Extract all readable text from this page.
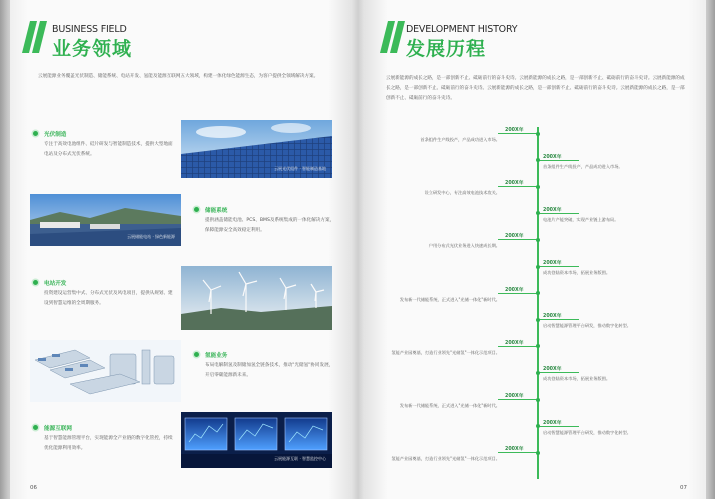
BUSINESS FIELD
业务领域
云展能源业务覆盖光伏制造、储能系统、电站开发、氢能及能源互联网五大领域，构建一体化绿色能源生态，为客户提供全领域解决方案。
光伏制造
专注于高效电池组件、硅片研发与智能制造技术，提供大型地面电站及分布式光伏系统。
云展光伏组件 · 智能制造基地
云展储能电站 · 绿色新能源
储能系统
提供涵盖储能电池、PCS、BMS及系统集成的一体化解决方案，保障能源安全高效稳定利用。
电站开发
投资建设运营集中式、分布式光伏及风电项目，提供从规划、建设到智慧运维的全周期服务。
氢能业务
布局电解制氢及制储加氢全链条技术，推动"光储氢"协同发展，开启零碳能源新未来。
能源互联网
基于智慧能源管理平台，实现能源全产业链的数字化管控，持续优化能源利用效率。
云展能源互联 · 智慧监控中心
06
DEVELOPMENT HISTORY
发展历程
云展新能源的成长之路，是一部创新不止、砥砺前行的奋斗史诗。云展新能源的成长之路，是一部创新不止、砥砺前行的奋斗史诗。云展新能源的成长之路，是一部创新不止、砥砺前行的奋斗史诗。云展新能源的成长之路，是一部创新不止、砥砺前行的奋斗史诗。云展新能源的成长之路，是一部创新不止、砥砺前行的奋斗史诗。
200X年
首条组件生产线投产，产品成功进入市场。
200X年
首条组件生产线投产，产品成功进入市场。
200X年
设立研发中心，专注高效电池技术攻关。
200X年
电池片产能突破，实现产业链上游布局。
200X年
户用分布式光伏业务进入快速成长期。
200X年
成功登陆资本市场，拓展业务版图。
200X年
发布新一代储能系统，正式进入"光储一体化"新时代。
200X年
启动智慧能源管理平台研发，推动数字化转型。
200X年
氢能产业园奠基，打造行业领先"光储氢"一体化示范项目。
200X年
成功登陆资本市场，拓展业务版图。
200X年
发布新一代储能系统，正式进入"光储一体化"新时代。
200X年
启动智慧能源管理平台研发，推动数字化转型。
200X年
氢能产业园奠基，打造行业领先"光储氢"一体化示范项目。
07
